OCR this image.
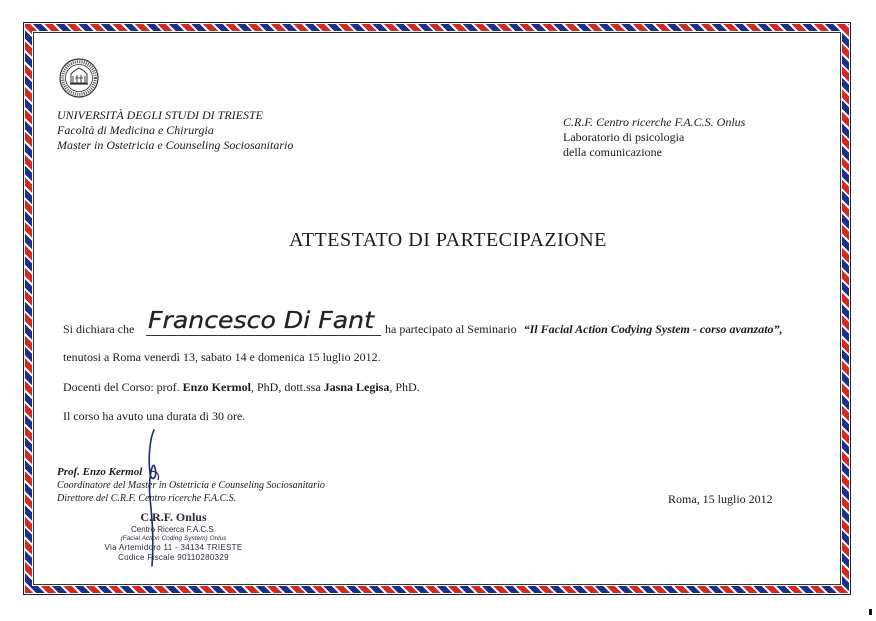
UNIVERSITÀ DEGLI STUDI DI TRIESTE
Facoltà di Medicina e Chirurgia
Master in Ostetricia e Counseling Sociosanitario
C.R.F. Centro ricerche F.A.C.S. Onlus
Laboratorio di psicologia
della comunicazione
ATTESTATO DI PARTECIPAZIONE
Si dichiara che Francesco Di Fant ha partecipato al Seminario “Il Facial Action Codying System - corso avanzato”,
tenutosi a Roma venerdì 13, sabato 14 e domenica 15 luglio 2012.
Docenti del Corso: prof. Enzo Kermol, PhD, dott.ssa Jasna Legisa, PhD.
Il corso ha avuto una durata di 30 ore.
Prof. Enzo Kermol
Coordinatore del Master in Ostetricia e Counseling Sociosanitario
Direttore del C.R.F. Centro ricerche F.A.C.S.	Roma, 15 luglio 2012
C.R.F. Onlus
Centro Ricerca F.A.C.S.
(Facial Action Coding System) Onlus
Via Artemidoro 11 - 34134 TRIESTE
Codice Fiscale 90110280329
